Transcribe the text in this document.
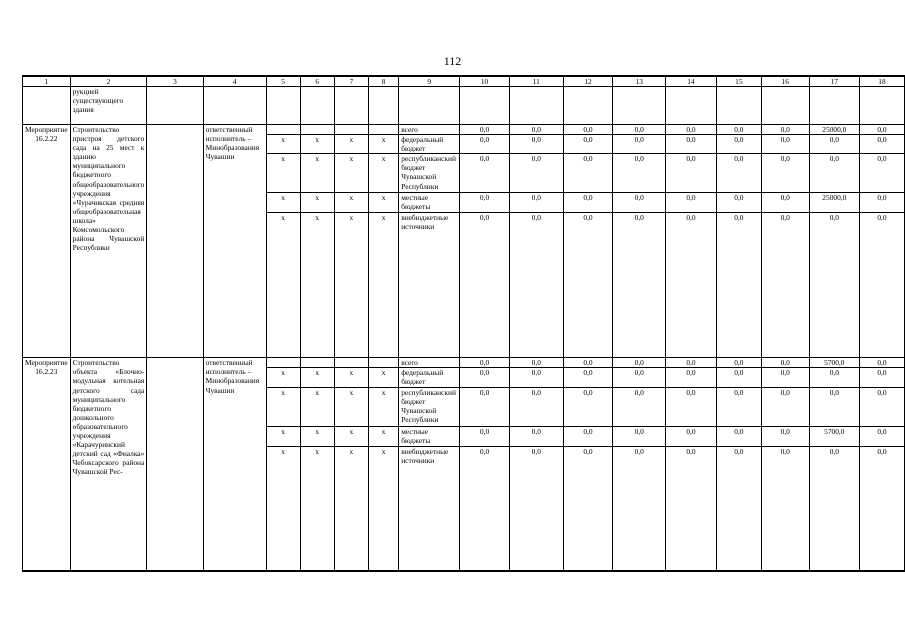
112
1	2	3	4	5	6	7	8	9	10	11	12	13	14	15	16	17	18
	рукцией существующего здания																
Мероприятие 16.2.22	Строительство пристроя детского сада на 25 мест к зданию муниципального бюджетного общеобразовательного учреждения «Чурачикская средняя общеобразовательная школа» Комсомольского района Чувашской Республики		ответственный исполнитель – Минобразования Чувашии					всего	0,0	0,0	0,0	0,0	0,0	0,0	0,0	25000,0	0,0
				х	х	х	х	федеральный бюджет	0,0	0,0	0,0	0,0	0,0	0,0	0,0	0,0	0,0
				х	х	х	х	республиканский бюджет Чувашской Республики	0,0	0,0	0,0	0,0	0,0	0,0	0,0	0,0	0,0
				х	х	х	х	местные бюджеты	0,0	0,0	0,0	0,0	0,0	0,0	0,0	25000,0	0,0
				х	х	х	х	внебюджетные источники	0,0	0,0	0,0	0,0	0,0	0,0	0,0	0,0	0,0
Мероприятие 16.2.23	Строительство объекта «Блочно-модульная котельная детского сада муниципального бюджетного дошкольного образовательного учреждения «Карачуринский детский сад «Фиалка» Чебоксарского района Чувашской Рес-		ответственный исполнитель – Минобразования Чувашии					всего	0,0	0,0	0,0	0,0	0,0	0,0	0,0	5700,0	0,0
				х	х	х	х	федеральный бюджет	0,0	0,0	0,0	0,0	0,0	0,0	0,0	0,0	0,0
				х	х	х	х	республиканский бюджет Чувашской Республики	0,0	0,0	0,0	0,0	0,0	0,0	0,0	0,0	0,0
				х	х	х	х	местные бюджеты	0,0	0,0	0,0	0,0	0,0	0,0	0,0	5700,0	0,0
				х	х	х	х	внебюджетные источники	0,0	0,0	0,0	0,0	0,0	0,0	0,0	0,0	0,0
